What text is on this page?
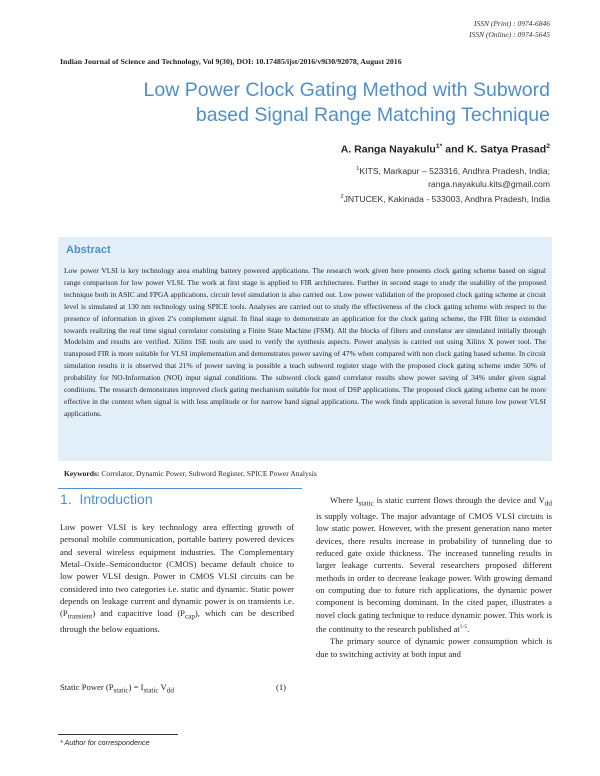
ISSN (Print) : 0974-6846
ISSN (Online) : 0974-5645
Indian Journal of Science and Technology, Vol 9(30), DOI: 10.17485/ijst/2016/v9i30/92078, August 2016
Low Power Clock Gating Method with Subword
based Signal Range Matching Technique
A. Ranga Nayakulu$^{1*}$ and K. Satya Prasad$^2$
$^1$KITS, Markapur – 523316, Andhra Pradesh, India;
ranga.nayakulu.kits@gmail.com
$^2$JNTUCEK, Kakinada - 533003, Andhra Pradesh, India
Abstract
Low power VLSI is key technology area enabling battery powered applications. The research work given here presents clock gating scheme based on signal range comparison for low power VLSI. The work at first stage is applied to FIR architectures. Further in second stage to study the usability of the proposed technique both in ASIC and FPGA applications, circuit level simulation is also carried out. Low power validation of the proposed clock gating scheme at circuit level is simulated at 130 nm technology using SPICE tools. Analyses are carried out to study the effectiveness of the clock gating scheme with respect to the presence of information in given 2’s complement signal. In final stage to demonstrate an application for the clock gating scheme, the FIR filter is extended towards realizing the real time signal correlator consisting a Finite State Machine (FSM). All the blocks of filters and correlator are simulated initially through Modelsim and results are verified. Xilinx ISE tools are used to verify the synthesis aspects. Power analysis is carried out using Xilinx X power tool. The transposed FIR is more suitable for VLSI implementation and demonstrates power saving of 47% when compared with non clock gating based scheme. In circuit simulation results it is observed that 21% of power saving is possible a teach subword register stage with the proposed clock gating scheme under 50% of probability for NO-Information (NOI) input signal conditions. The subword clock gated correlator results show power saving of 34% under given signal conditions. The research demonstrates improved clock gating mechanism suitable for most of DSP applications. The proposed clock gating scheme can be more effective in the context when signal is with less amplitude or for narrow band signal applications. The work finds application is several future low power VLSI applications.
Keywords: Correlator, Dynamic Power, Subword Register, SPICE Power Analysis
1. Introduction

Low power VLSI is key technology area effecting growth of personal mobile communication, portable battery powered devices and several wireless equipment industries. The Complementary Metal–Oxide–Semiconductor (CMOS) became default choice to low power VLSI design. Power in CMOS VLSI circuits can be considered into two categories i.e. static and dynamic. Static power depends on leakage current and dynamic power is on transients i.e. $(P_{transient})$ and capacitive load $(P_{cap})$, which can be described through the below equations.

Static Power $(P_{static}) = I_{static}$ $V_{dd}$	(1)

Where $I_{static}$ is static current flows through the device and $V_{dd}$ is supply voltage. The major advantage of CMOS VLSI circuits is low static power. However, with the present generation nano meter devices, there results increase in probability of tunneling due to reduced gate oxide thickness. The increased tunneling results in larger leakage currents. Several researchers proposed different methods in order to decrease leakage power. With growing demand on computing due to future rich applications, the dynamic power component is becoming dominant. In the cited paper, illustrates a novel clock gating technique to reduce dynamic power. This work is the continuity to the research published $at^{1-5}$.

The primary source of dynamic power consumption which is due to switching activity at both input and

* Author for correspondence
